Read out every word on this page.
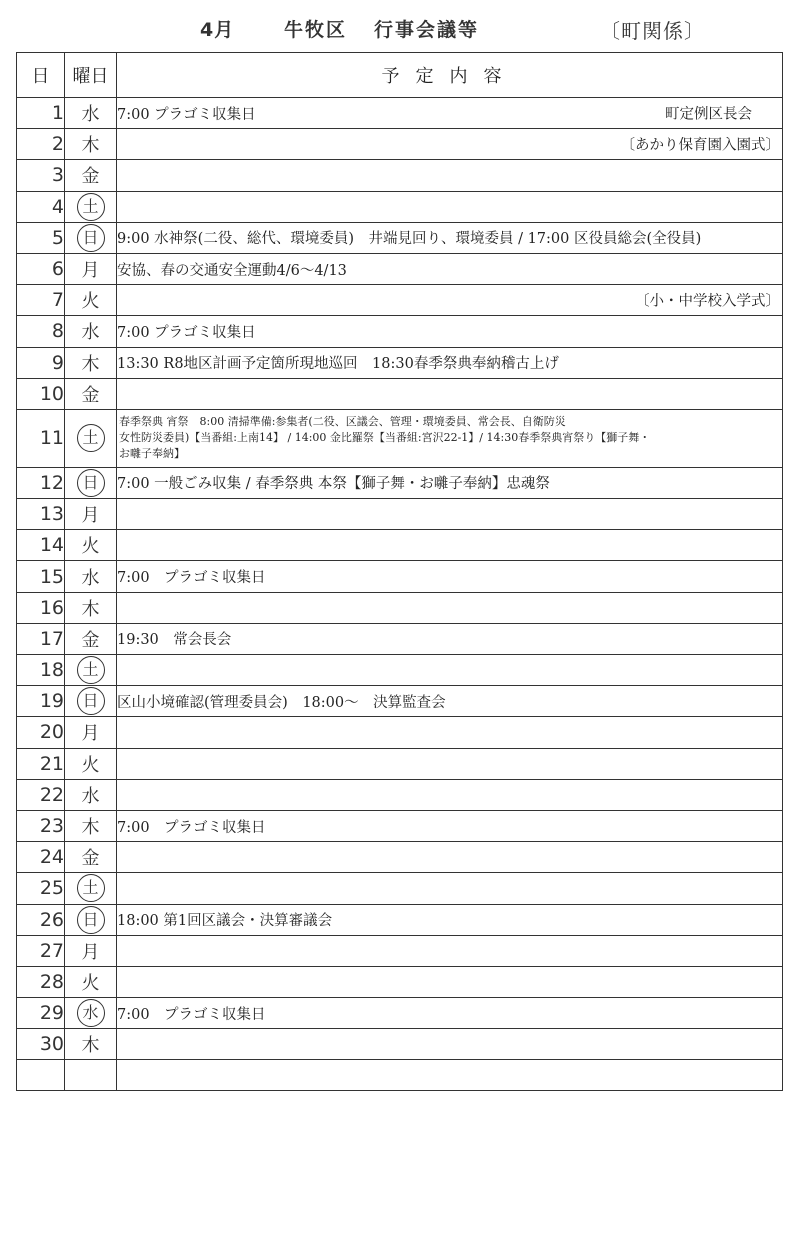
4月	牛牧区 行事会議等	〔町関係〕
日	曜日	予定内容
1	水	7:00 プラゴミ収集日 町定例区長会

2	木	〔あかり保育園入園式〕

3	金	
4	土	
5	日	9:00 水神祭(二役、総代、環境委員)　井端見回り、環境委員 / 17:00 区役員総会(全役員)
6	月	安協、春の交通安全運動4/6～4/13
7	火	〔小・中学校入学式〕

8	水	7:00 プラゴミ収集日
9	木	13:30 R8地区計画予定箇所現地巡回　18:30春季祭典奉納稽古上げ
10	金	
11	土	春季祭典 宵祭　8:00 清掃準備:参集者(二役、区議会、管理・環境委員、常会長、自衛防災
女性防災委員)【当番組:上南14】 / 14:00 金比羅祭【当番組:宮沢22-1】/ 14:30春季祭典宵祭り【獅子舞・
お囃子奉納】

12	日	7:00 一般ごみ収集 / 春季祭典 本祭【獅子舞・お囃子奉納】忠魂祭
13	月	
14	火	
15	水	7:00　プラゴミ収集日
16	木	
17	金	19:30　常会長会
18	土	
19	日	区山小境確認(管理委員会)　18:00～　決算監査会
20	月	
21	火	
22	水	
23	木	7:00　プラゴミ収集日
24	金	
25	土	
26	日	18:00 第1回区議会・決算審議会
27	月	
28	火	
29	水	7:00　プラゴミ収集日
30	木	
